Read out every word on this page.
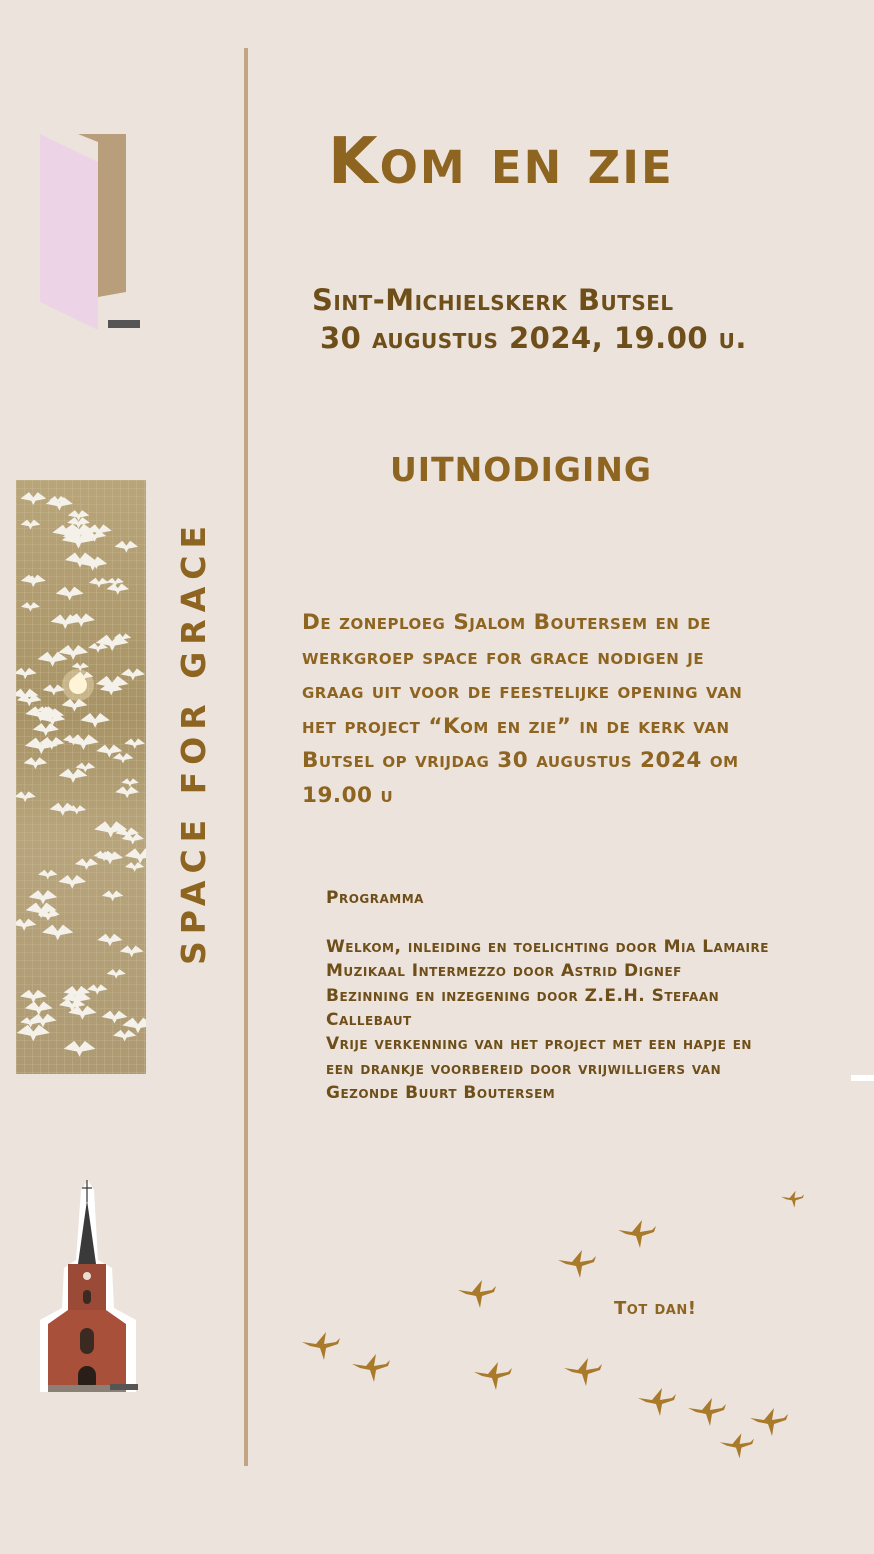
SPACE FOR GRACE
Kom en zie
Sint-Michielskerk Butsel
30 augustus 2024, 19.00 u.
UITNODIGING
De zoneploeg Sjalom Boutersem en de
werkgroep space for grace nodigen je
graag uit voor de feestelijke opening van
het project “Kom en zie” in de kerk van
Butsel op vrijdag 30 augustus 2024 om
19.00 u
Programma
Welkom, inleiding en toelichting door Mia Lamaire
Muzikaal Intermezzo door Astrid Dignef
Bezinning en inzegening door Z.E.H. Stefaan
Callebaut
Vrije verkenning van het project met een hapje en
een drankje voorbereid door vrijwilligers van
Gezonde Buurt Boutersem
Tot dan!
